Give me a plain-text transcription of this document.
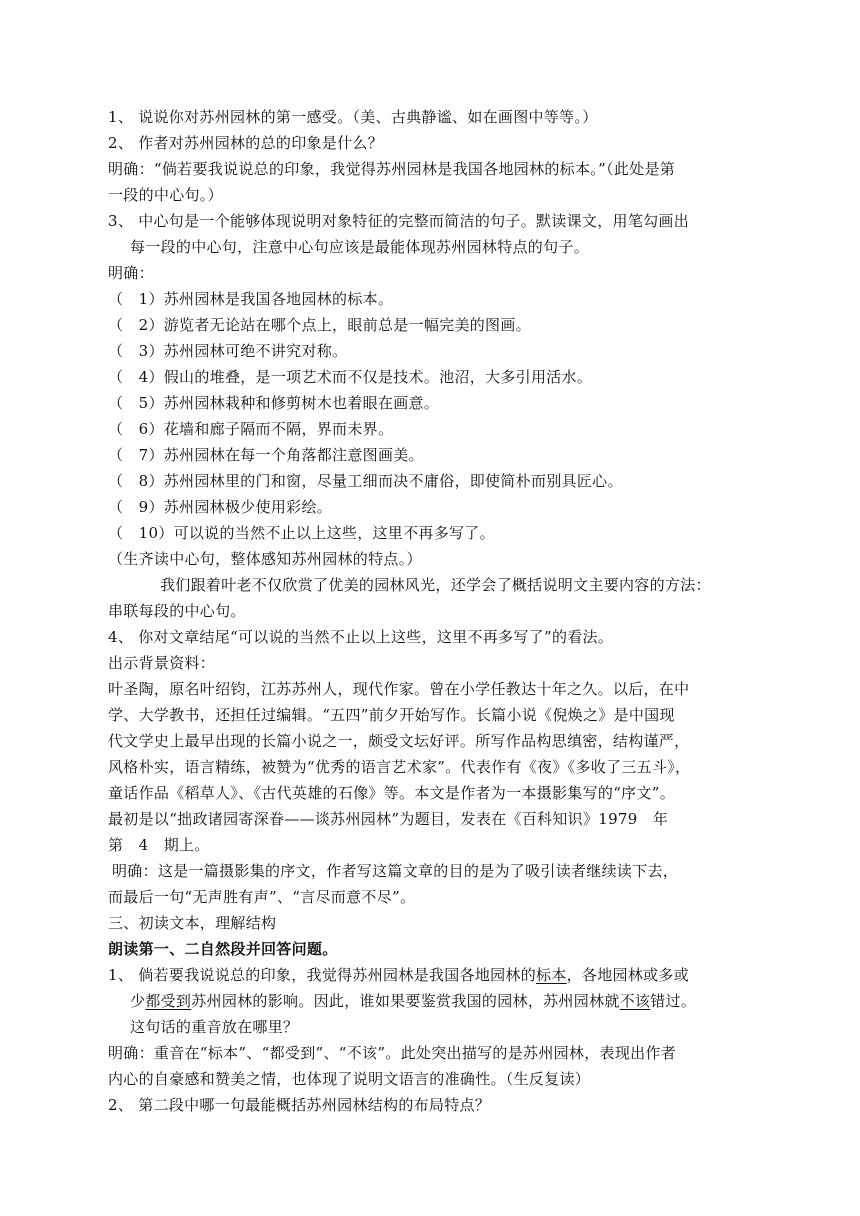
1、 说说你对苏州园林的第一感受。（美、古典静谧、如在画图中等等。）
2、 作者对苏州园林的总的印象是什么？
明确：“倘若要我说说总的印象，我觉得苏州园林是我国各地园林的标本。”（此处是第
一段的中心句。）
3、 中心句是一个能够体现说明对象特征的完整而简洁的句子。默读课文，用笔勾画出
每一段的中心句，注意中心句应该是最能体现苏州园林特点的句子。
明确：
（　1）苏州园林是我国各地园林的标本。
（　2）游览者无论站在哪个点上，眼前总是一幅完美的图画。
（　3）苏州园林可绝不讲究对称。
（　4）假山的堆叠，是一项艺术而不仅是技术。池沼，大多引用活水。
（　5）苏州园林栽种和修剪树木也着眼在画意。
（　6）花墙和廊子隔而不隔，界而未界。
（　7）苏州园林在每一个角落都注意图画美。
（　8）苏州园林里的门和窗，尽量工细而决不庸俗，即使简朴而别具匠心。
（　9）苏州园林极少使用彩绘。
（　10）可以说的当然不止以上这些，这里不再多写了。
（生齐读中心句，整体感知苏州园林的特点。）
我们跟着叶老不仅欣赏了优美的园林风光，还学会了概括说明文主要内容的方法：
串联每段的中心句。
4、 你对文章结尾“可以说的当然不止以上这些，这里不再多写了”的看法。
出示背景资料：
叶圣陶，原名叶绍钧，江苏苏州人，现代作家。曾在小学任教达十年之久。以后，在中
学、大学教书，还担任过编辑。“五四”前夕开始写作。长篇小说《倪焕之》是中国现
代文学史上最早出现的长篇小说之一，颇受文坛好评。所写作品构思缜密，结构谨严，
风格朴实，语言精练，被赞为“优秀的语言艺术家”。代表作有《夜》《多收了三五斗》，
童话作品《稻草人》、《古代英雄的石像》等。本文是作者为一本摄影集写的“序文”。
最初是以“拙政诸园寄深眷——谈苏州园林”为题目，发表在《百科知识》1979　年
第　4　期上。
明确：这是一篇摄影集的序文，作者写这篇文章的目的是为了吸引读者继续读下去，
而最后一句“无声胜有声”、“言尽而意不尽”。
三、初读文本，理解结构
朗读第一、二自然段并回答问题。
1、 倘若要我说说总的印象，我觉得苏州园林是我国各地园林的标本，各地园林或多或
少都受到苏州园林的影响。因此，谁如果要鉴赏我国的园林，苏州园林就不该错过。
这句话的重音放在哪里？
明确：重音在“标本”、“都受到”、“不该”。此处突出描写的是苏州园林，表现出作者
内心的自豪感和赞美之情，也体现了说明文语言的准确性。（生反复读）
2、 第二段中哪一句最能概括苏州园林结构的布局特点？
